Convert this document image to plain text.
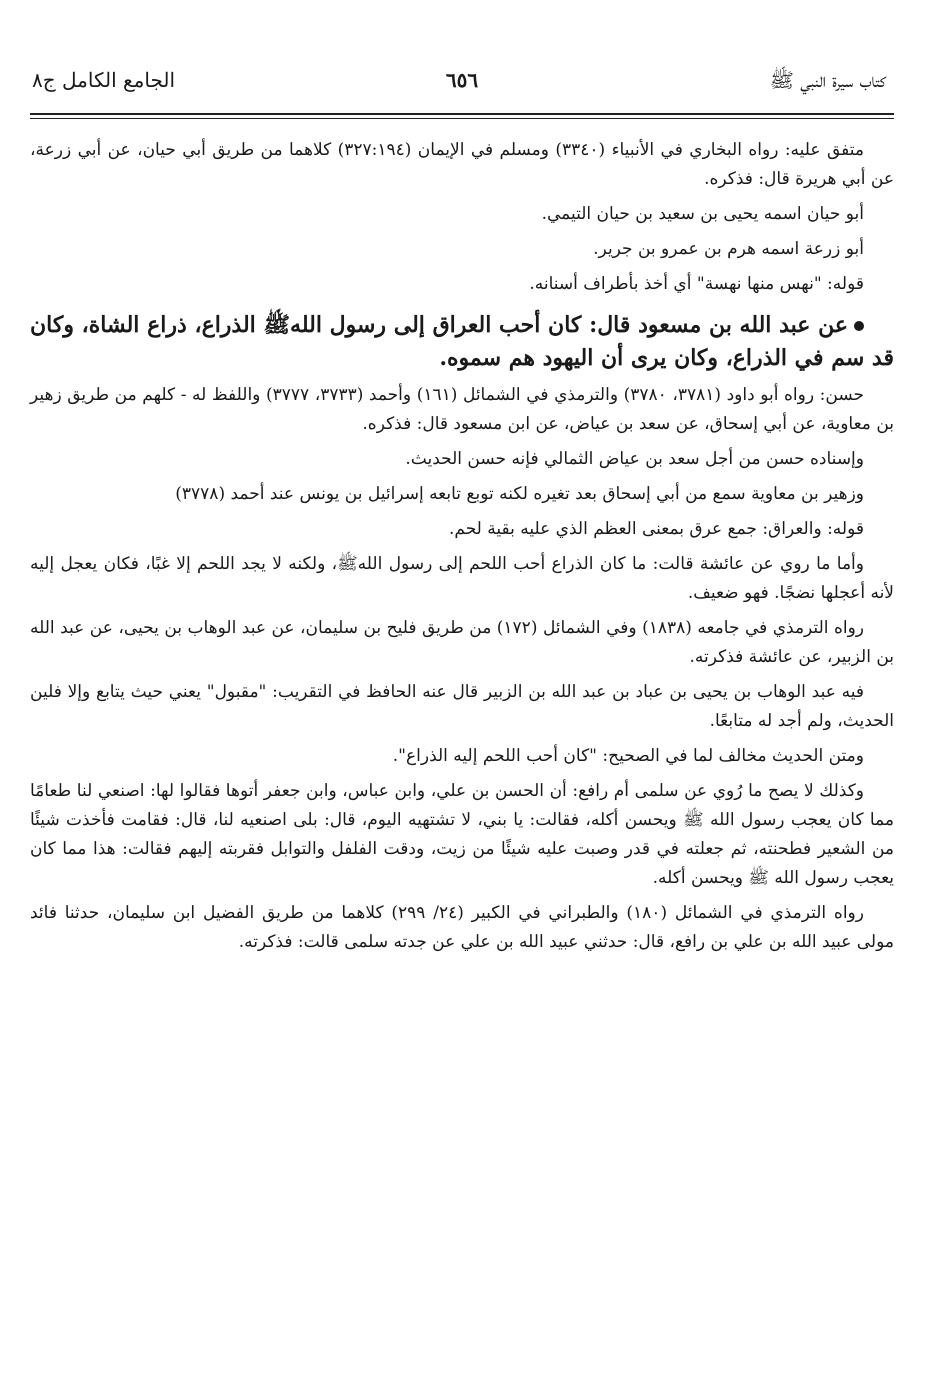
كتاب سيرة النبي ﷺ
٦٥٦
الجامع الكامل ج٨

متفق عليه: رواه البخاري في الأنبياء (٣٣٤٠) ومسلم في الإيمان (٣٢٧:١٩٤) كلاهما من طريق أبي حيان، عن أبي زرعة، عن أبي هريرة قال: فذكره.

أبو حيان اسمه يحيى بن سعيد بن حيان التيمي.

أبو زرعة اسمه هرم بن عمرو بن جرير.

قوله: "نهس منها نهسة" أي أخذ بأطراف أسنانه.

عن عبد الله بن مسعود قال: كان أحب العراق إلى رسول اللهﷺ الذراع، ذراع الشاة، وكان قد سم في الذراع، وكان يرى أن اليهود هم سموه.

حسن: رواه أبو داود (٣٧٨١، ٣٧٨٠) والترمذي في الشمائل (١٦١) وأحمد (٣٧٣٣، ٣٧٧٧) واللفظ له - كلهم من طريق زهير بن معاوية، عن أبي إسحاق، عن سعد بن عياض، عن ابن مسعود قال: فذكره.

وإسناده حسن من أجل سعد بن عياض الثمالي فإنه حسن الحديث.

وزهير بن معاوية سمع من أبي إسحاق بعد تغيره لكنه توبع تابعه إسرائيل بن يونس عند أحمد (٣٧٧٨)

قوله: والعراق: جمع عرق بمعنى العظم الذي عليه بقية لحم.

وأما ما روي عن عائشة قالت: ما كان الذراع أحب اللحم إلى رسول اللهﷺ، ولكنه لا يجد اللحم إلا غبًا، فكان يعجل إليه لأنه أعجلها نضجًا. فهو ضعيف.

رواه الترمذي في جامعه (١٨٣٨) وفي الشمائل (١٧٢) من طريق فليح بن سليمان، عن عبد الوهاب بن يحيى، عن عبد الله بن الزبير، عن عائشة فذكرته.

فيه عبد الوهاب بن يحيى بن عباد بن عبد الله بن الزبير قال عنه الحافظ في التقريب: "مقبول" يعني حيث يتابع وإلا فلين الحديث، ولم أجد له متابعًا.

ومتن الحديث مخالف لما في الصحيح: "كان أحب اللحم إليه الذراع".

وكذلك لا يصح ما رُوي عن سلمى أم رافع: أن الحسن بن علي، وابن عباس، وابن جعفر أتوها فقالوا لها: اصنعي لنا طعامًا مما كان يعجب رسول الله ﷺ ويحسن أكله، فقالت: يا بني، لا تشتهيه اليوم، قال: بلى اصنعيه لنا، قال: فقامت فأخذت شيئًا من الشعير فطحنته، ثم جعلته في قدر وصبت عليه شيئًا من زيت، ودقت الفلفل والتوابل فقربته إليهم فقالت: هذا مما كان يعجب رسول الله ﷺ ويحسن أكله.

رواه الترمذي في الشمائل (١٨٠) والطبراني في الكبير (٢٤/ ٢٩٩) كلاهما من طريق الفضيل ابن سليمان، حدثنا فائد مولى عبيد الله بن علي بن رافع، قال: حدثني عبيد الله بن علي عن جدته سلمى قالت: فذكرته.
